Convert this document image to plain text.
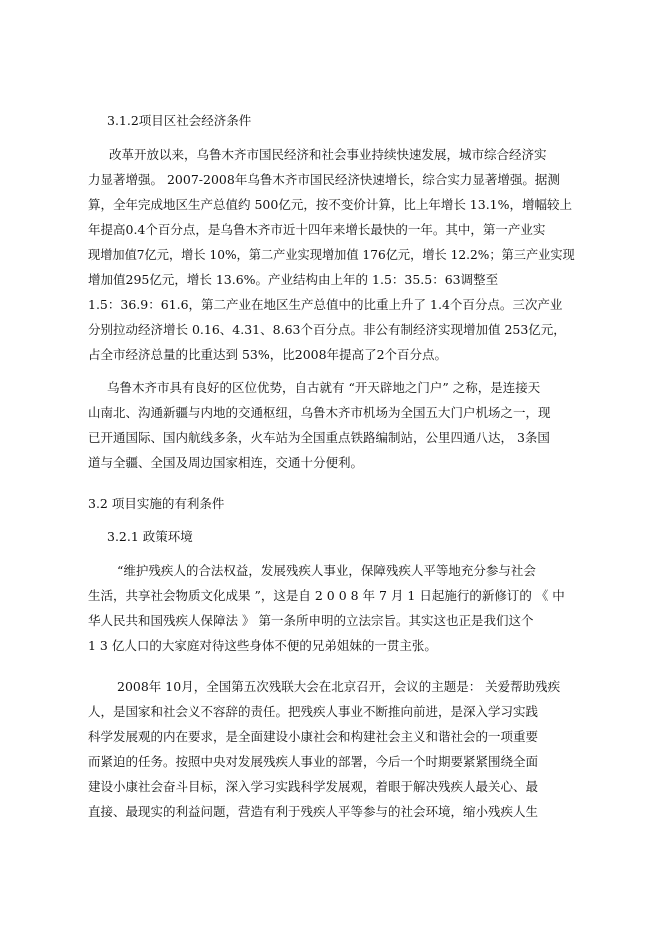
3.1.2项目区社会经济条件
改革开放以来，乌鲁木齐市国民经济和社会事业持续快速发展，城市综合经济实
力显著增强。 2007-2008年乌鲁木齐市国民经济快速增长，综合实力显著增强。据测
算，全年完成地区生产总值约 500亿元，按不变价计算，比上年增长 13.1%，增幅较上
年提高0.4个百分点，是乌鲁木齐市近十四年来增长最快的一年。其中，第一产业实
现增加值7亿元，增长 10%，第二产业实现增加值 176亿元，增长 12.2%；第三产业实现
增加值295亿元，增长 13.6%。产业结构由上年的 1.5：35.5：63调整至
1.5：36.9：61.6，第二产业在地区生产总值中的比重上升了 1.4个百分点。三次产业
分别拉动经济增长 0.16、4.31、8.63个百分点。非公有制经济实现增加值 253亿元，
占全市经济总量的比重达到 53%，比2008年提高了2个百分点。
乌鲁木齐市具有良好的区位优势，自古就有 “开天辟地之门户” 之称，是连接天
山南北、沟通新疆与内地的交通枢纽，乌鲁木齐市机场为全国五大门户机场之一，现
已开通国际、国内航线多条，火车站为全国重点铁路编制站，公里四通八达， 3条国
道与全疆、全国及周边国家相连，交通十分便利。
3.2 项目实施的有利条件
3.2.1 政策环境
“维护残疾人的合法权益，发展残疾人事业，保障残疾人平等地充分参与社会
生活，共享社会物质文化成果 ”，这是自 2 0 0 8 年 7 月 1 日起施行的新修订的 《 中
华人民共和国残疾人保障法 》 第一条所申明的立法宗旨。其实这也正是我们这个
1 3 亿人口的大家庭对待这些身体不便的兄弟姐妹的一贯主张。
2008年 10月，全国第五次残联大会在北京召开，会议的主题是： 关爱帮助残疾
人，是国家和社会义不容辞的责任。把残疾人事业不断推向前进，是深入学习实践
科学发展观的内在要求，是全面建设小康社会和构建社会主义和谐社会的一项重要
而紧迫的任务。按照中央对发展残疾人事业的部署，今后一个时期要紧紧围绕全面
建设小康社会奋斗目标，深入学习实践科学发展观，着眼于解决残疾人最关心、最
直接、最现实的利益问题，营造有利于残疾人平等参与的社会环境，缩小残疾人生
